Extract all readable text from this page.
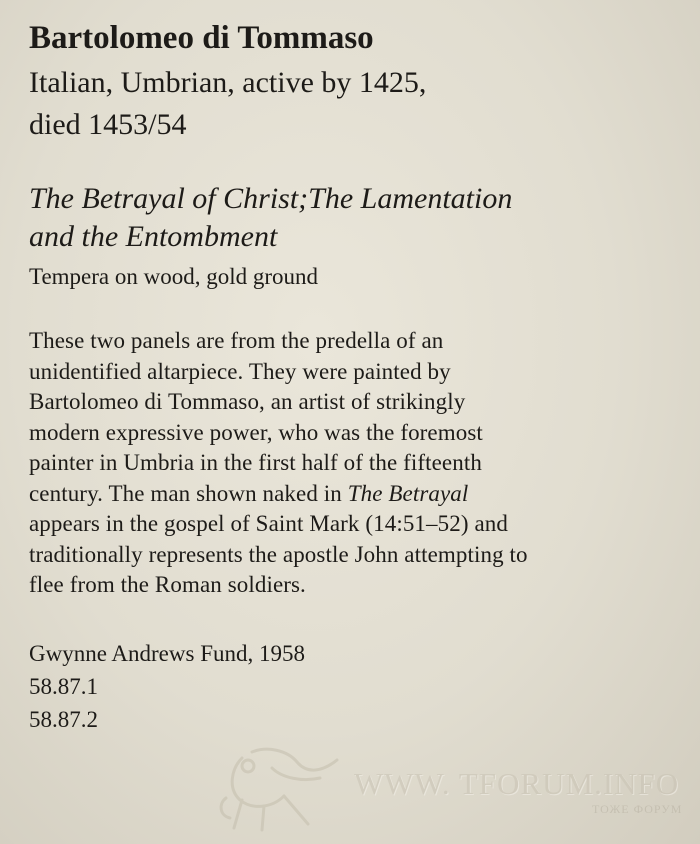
Bartolomeo di Tommaso
Italian, Umbrian, active by 1425,
died 1453/54
The Betrayal of Christ;The Lamentation
and the Entombment
Tempera on wood, gold ground
These two panels are from the predella of an
unidentified altarpiece. They were painted by
Bartolomeo di Tommaso, an artist of strikingly
modern expressive power, who was the foremost
painter in Umbria in the first half of the fifteenth
century. The man shown naked in The Betrayal
appears in the gospel of Saint Mark (14:51–52) and
traditionally represents the apostle John attempting to
flee from the Roman soldiers.
Gwynne Andrews Fund, 1958
58.87.1
58.87.2
WWW. TFORUM.INFO
ТОЖЕ ФОРУМ
